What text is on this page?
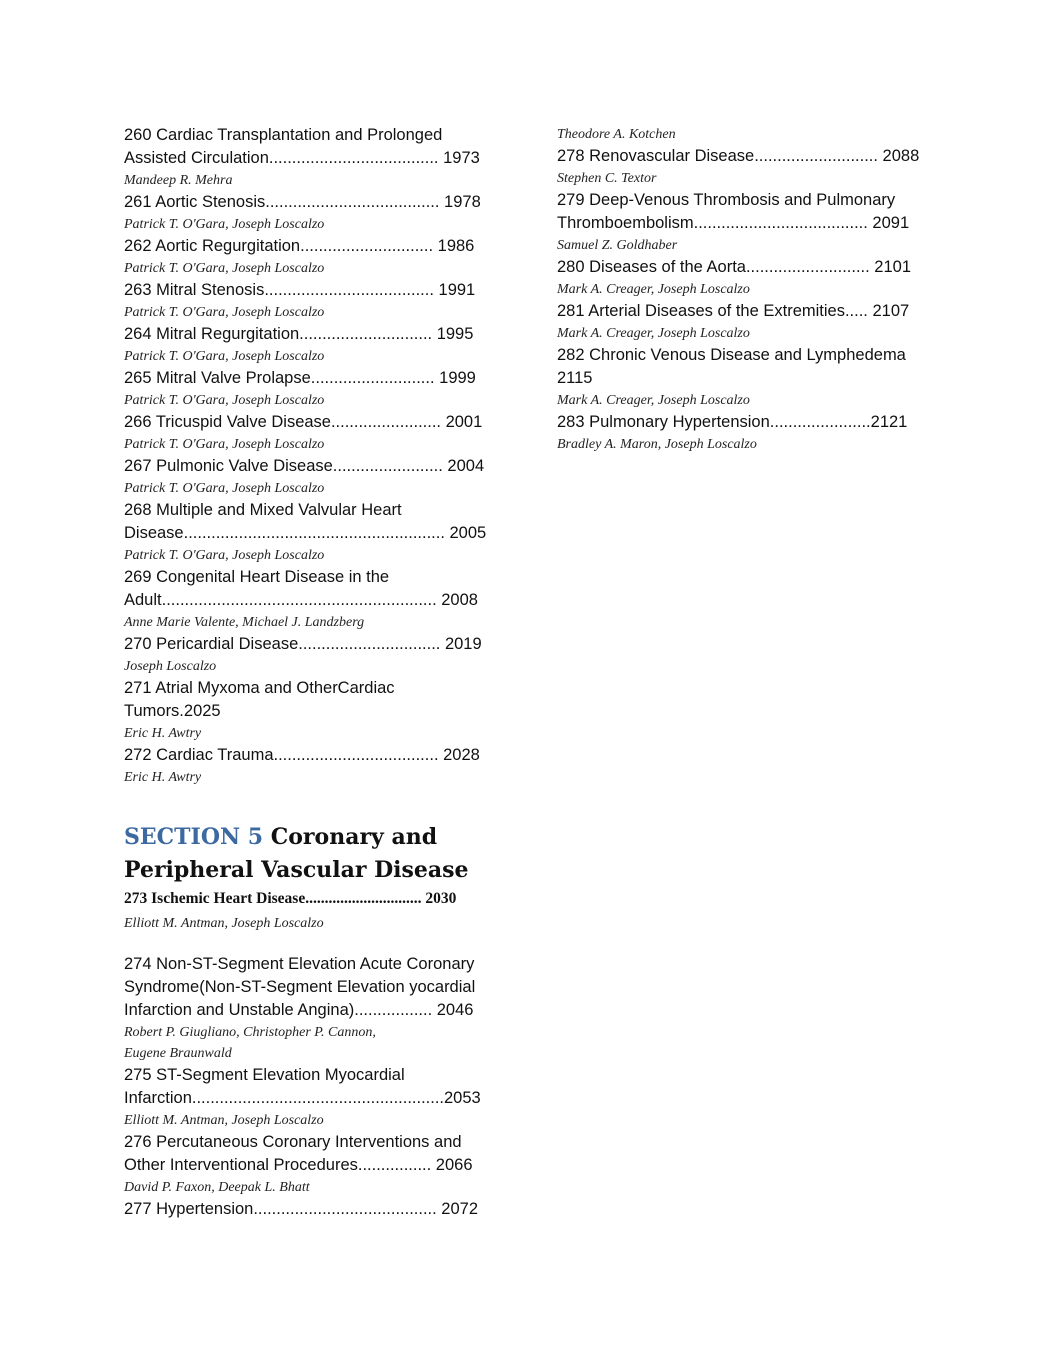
260 Cardiac Transplantation and Prolonged
Assisted Circulation..................................... 1973
Mandeep R. Mehra
261 Aortic Stenosis...................................... 1978
Patrick T. O'Gara, Joseph Loscalzo
262 Aortic Regurgitation............................. 1986
Patrick T. O'Gara, Joseph Loscalzo
263 Mitral Stenosis..................................... 1991
Patrick T. O'Gara, Joseph Loscalzo
264 Mitral Regurgitation............................. 1995
Patrick T. O'Gara, Joseph Loscalzo
265 Mitral Valve Prolapse........................... 1999
Patrick T. O'Gara, Joseph Loscalzo
266 Tricuspid Valve Disease........................ 2001
Patrick T. O'Gara, Joseph Loscalzo
267 Pulmonic Valve Disease........................ 2004
Patrick T. O'Gara, Joseph Loscalzo
268 Multiple and Mixed Valvular Heart
Disease......................................................... 2005
Patrick T. O'Gara, Joseph Loscalzo
269 Congenital Heart Disease in the
Adult............................................................ 2008
Anne Marie Valente, Michael J. Landzberg
270 Pericardial Disease............................... 2019
Joseph Loscalzo
271 Atrial Myxoma and OtherCardiac
Tumors.2025
Eric H. Awtry
272 Cardiac Trauma.................................... 2028
Eric H. Awtry
SECTION 5 Coronary and
Peripheral Vascular Disease
273 Ischemic Heart Disease.............................. 2030
Elliott M. Antman, Joseph Loscalzo
274 Non-ST-Segment Elevation Acute Coronary
Syndrome(Non-ST-Segment Elevation yocardial
Infarction and Unstable Angina)................. 2046
Robert P. Giugliano, Christopher P. Cannon,
Eugene Braunwald
275 ST-Segment Elevation Myocardial
Infarction.......................................................2053
Elliott M. Antman, Joseph Loscalzo
276 Percutaneous Coronary Interventions and
Other Interventional Procedures................ 2066
David P. Faxon, Deepak L. Bhatt
277 Hypertension........................................ 2072
Theodore A. Kotchen
278 Renovascular Disease........................... 2088
Stephen C. Textor
279 Deep-Venous Thrombosis and Pulmonary
Thromboembolism...................................... 2091
Samuel Z. Goldhaber
280 Diseases of the Aorta........................... 2101
Mark A. Creager, Joseph Loscalzo
281 Arterial Diseases of the Extremities..... 2107
Mark A. Creager, Joseph Loscalzo
282 Chronic Venous Disease and Lymphedema
2115
Mark A. Creager, Joseph Loscalzo
283 Pulmonary Hypertension......................2121
Bradley A. Maron, Joseph Loscalzo
